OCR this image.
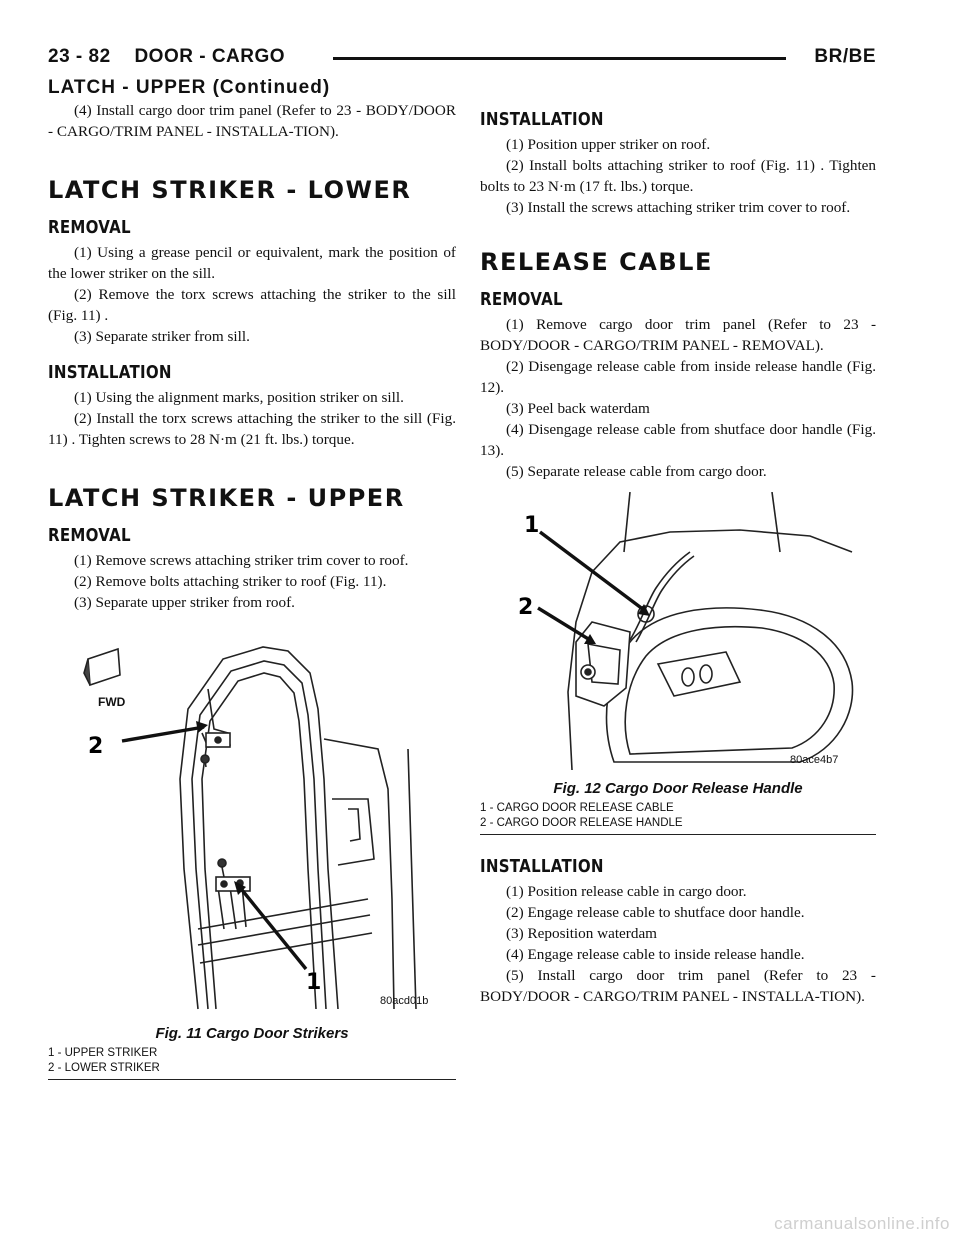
23 - 82 DOOR - CARGO	BR/BE
LATCH - UPPER (Continued)

(4) Install cargo door trim panel (Refer to 23 - BODY/DOOR - CARGO/TRIM PANEL - INSTALLA-TION).

LATCH STRIKER - LOWER
REMOVAL

(1) Using a grease pencil or equivalent, mark the position of the lower striker on the sill.

(2) Remove the torx screws attaching the striker to the sill (Fig. 11) .

(3) Separate striker from sill.

INSTALLATION

(1) Using the alignment marks, position striker on sill.

(2) Install the torx screws attaching the striker to the sill (Fig. 11) . Tighten screws to 28 N·m (21 ft. lbs.) torque.

LATCH STRIKER - UPPER
REMOVAL

(1) Remove screws attaching striker trim cover to roof.

(2) Remove bolts attaching striker to roof (Fig. 11).

(3) Separate upper striker from roof.

2
1
FWD
80acd01b
Fig. 11 Cargo Door Strikers
1 - UPPER STRIKER
2 - LOWER STRIKER
INSTALLATION

(1) Position upper striker on roof.

(2) Install bolts attaching striker to roof (Fig. 11) . Tighten bolts to 23 N·m (17 ft. lbs.) torque.

(3) Install the screws attaching striker trim cover to roof.

RELEASE CABLE
REMOVAL

(1) Remove cargo door trim panel (Refer to 23 - BODY/DOOR - CARGO/TRIM PANEL - REMOVAL).

(2) Disengage release cable from inside release handle (Fig. 12).

(3) Peel back waterdam

(4) Disengage release cable from shutface door handle (Fig. 13).

(5) Separate release cable from cargo door.

1
2
80ace4b7
Fig. 12 Cargo Door Release Handle
1 - CARGO DOOR RELEASE CABLE
2 - CARGO DOOR RELEASE HANDLE
INSTALLATION

(1) Position release cable in cargo door.

(2) Engage release cable to shutface door handle.

(3) Reposition waterdam

(4) Engage release cable to inside release handle.

(5) Install cargo door trim panel (Refer to 23 - BODY/DOOR - CARGO/TRIM PANEL - INSTALLA-TION).

carmanualsonline.info
